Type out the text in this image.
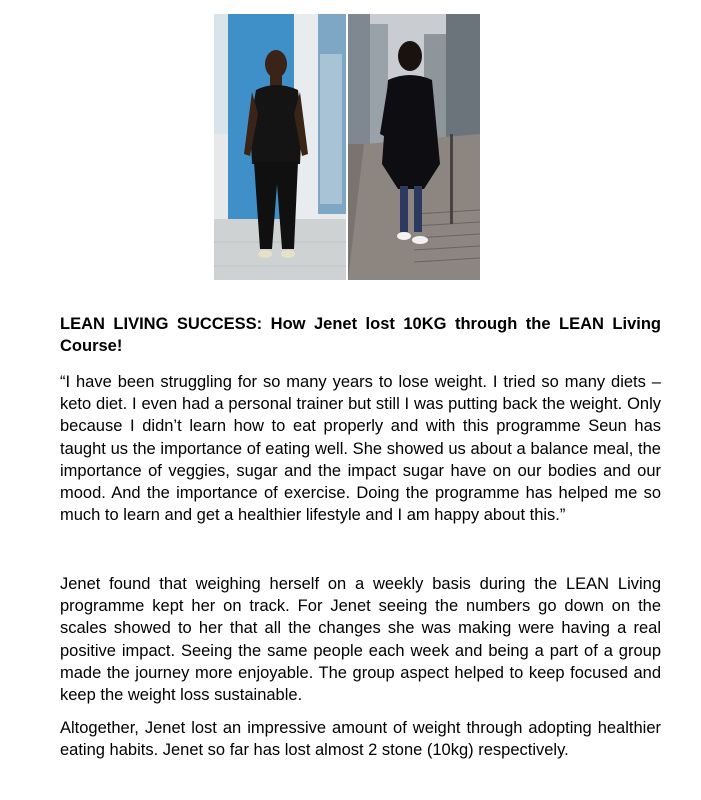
LEAN LIVING SUCCESS: How Jenet lost 10KG through the LEAN Living Course!
“I have been struggling for so many years to lose weight. I tried so many diets – keto diet. I even had a personal trainer but still I was putting back the weight. Only because I didn’t learn how to eat properly and with this programme Seun has taught us the importance of eating well. She showed us about a balance meal, the importance of veggies, sugar and the impact sugar have on our bodies and our mood. And the importance of exercise. Doing the programme has helped me so much to learn and get a healthier lifestyle and I am happy about this.”
Jenet found that weighing herself on a weekly basis during the LEAN Living programme kept her on track. For Jenet seeing the numbers go down on the scales showed to her that all the changes she was making were having a real positive impact. Seeing the same people each week and being a part of a group made the journey more enjoyable. The group aspect helped to keep focused and keep the weight loss sustainable.
Altogether, Jenet lost an impressive amount of weight through adopting healthier eating habits. Jenet so far has lost almost 2 stone (10kg) respectively.
